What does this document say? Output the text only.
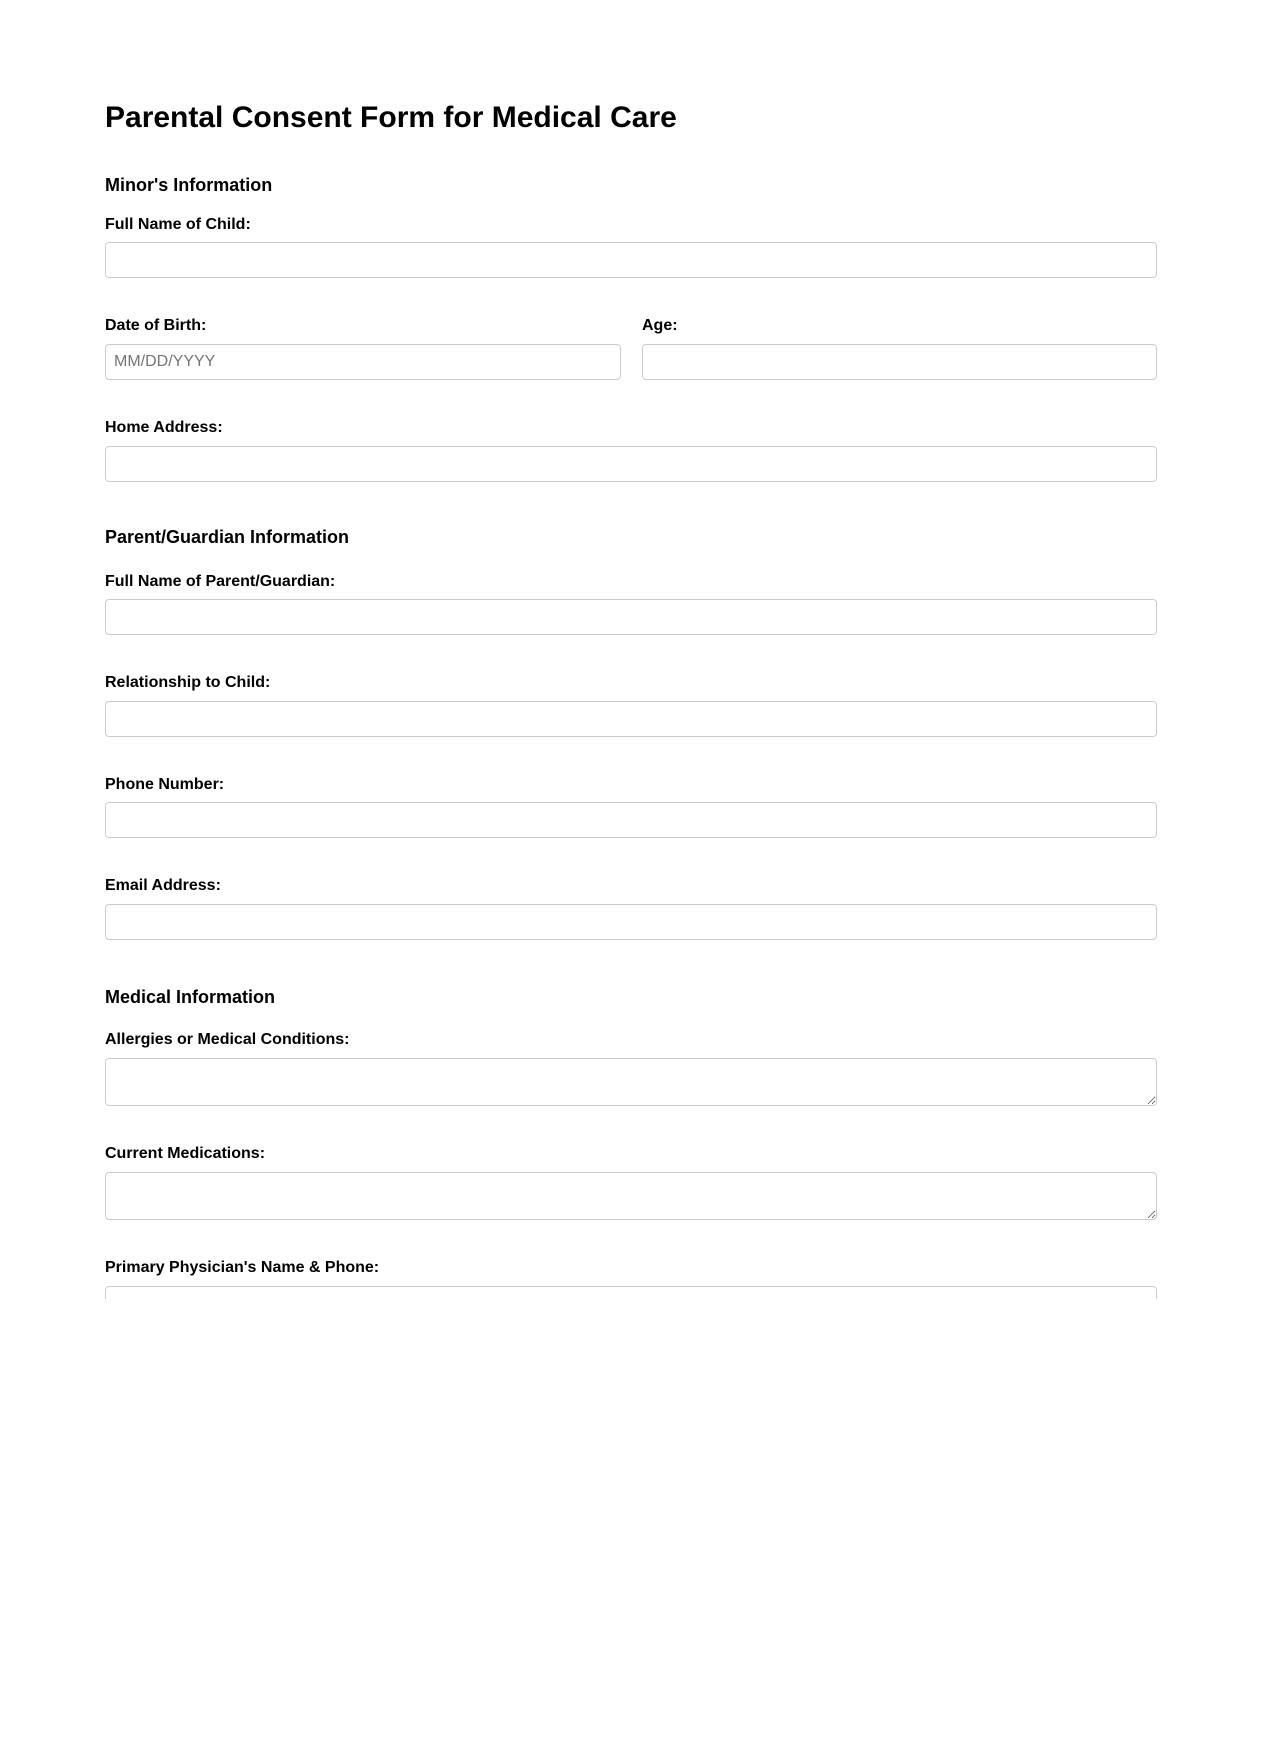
Parental Consent Form for Medical Care
Minor's Information
Full Name of Child:
Date of Birth:
MM/DD/YYYY	Age:
Home Address:
Parent/Guardian Information
Full Name of Parent/Guardian:
Relationship to Child:
Phone Number:
Email Address:
Medical Information
Allergies or Medical Conditions:
Current Medications:
Primary Physician's Name & Phone:
